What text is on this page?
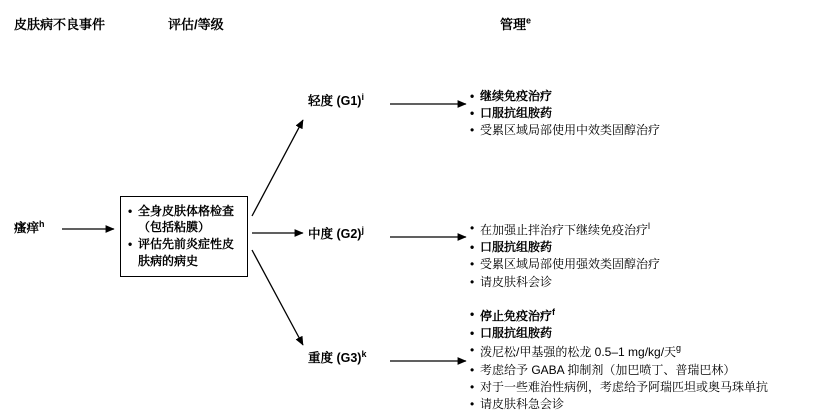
皮肤病不良事件	评估/等级	管理$^e$
瘙痒$^h$
• 全身皮肤体格检查（包括粘膜）
• 评估先前炎症性皮肤病的病史
轻度 $(G1)^i$
中度 $(G2)^j$
重度 $(G3)^k$
• 继续免疫治疗
• 口服抗组胺药
• 受累区域局部使用中效类固醇治疗
• 在加强止拌治疗下继续免疫治疗$^l$
• 口服抗组胺药
• 受累区域局部使用强效类固醇治疗
• 请皮肤科会诊
• 停止免疫治疗$^f$
• 口服抗组胺药
• 泼尼松/甲基强的松龙 0.5–1 mg/kg/天$^g$
• 考虑给予 GABA 抑制剂（加巴喷丁、普瑞巴林）
• 对于一些难治性病例，考虑给予阿瑞匹坦或奥马珠单抗
• 请皮肤科急会诊
